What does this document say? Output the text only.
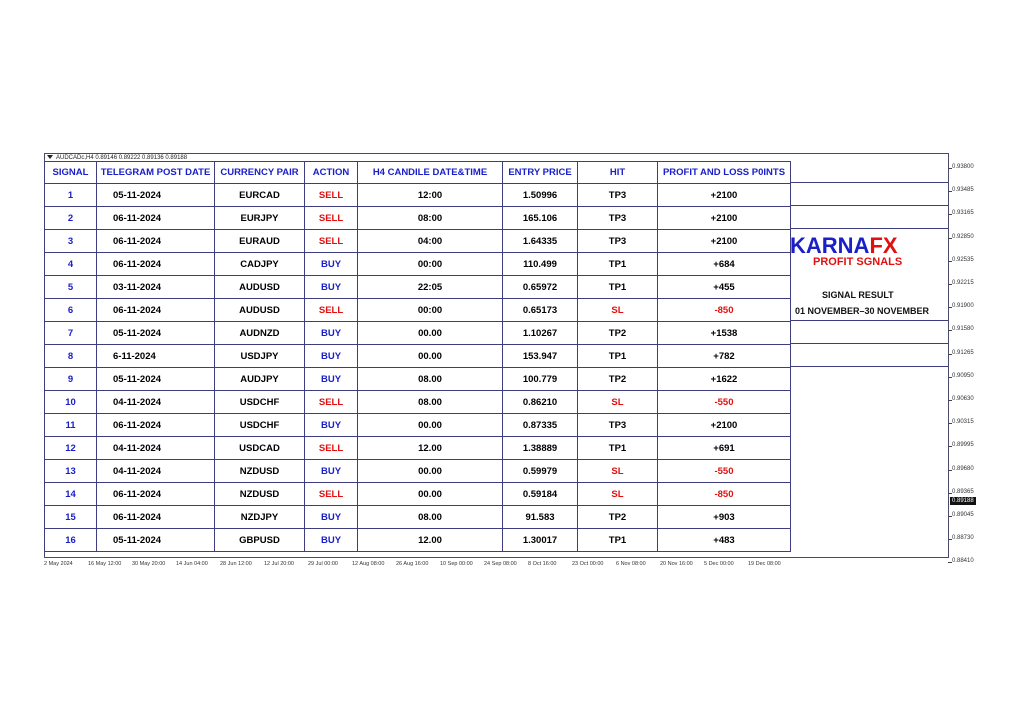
AUDCADc,H4 0.89146 0.89222 0.89136 0.89188
SIGNAL	TELEGRAM POST DATE	CURRENCY PAIR	ACTION	H4 CANDILE DATE&TIME	ENTRY PRICE	HIT	PROFIT AND LOSS P0INTS
1	05-11-2024	EURCAD	SELL	12:00	1.50996	TP3	+2100
2	06-11-2024	EURJPY	SELL	08:00	165.106	TP3	+2100
3	06-11-2024	EURAUD	SELL	04:00	1.64335	TP3	+2100
4	06-11-2024	CADJPY	BUY	00:00	110.499	TP1	+684
5	03-11-2024	AUDUSD	BUY	22:05	0.65972	TP1	+455
6	06-11-2024	AUDUSD	SELL	00:00	0.65173	SL	-850
7	05-11-2024	AUDNZD	BUY	00.00	1.10267	TP2	+1538
8	6-11-2024	USDJPY	BUY	00.00	153.947	TP1	+782
9	05-11-2024	AUDJPY	BUY	08.00	100.779	TP2	+1622
10	04-11-2024	USDCHF	SELL	08.00	0.86210	SL	-550
11	06-11-2024	USDCHF	BUY	00.00	0.87335	TP3	+2100
12	04-11-2024	USDCAD	SELL	12.00	1.38889	TP1	+691
13	04-11-2024	NZDUSD	BUY	00.00	0.59979	SL	-550
14	06-11-2024	NZDUSD	SELL	00.00	0.59184	SL	-850
15	06-11-2024	NZDJPY	BUY	08.00	91.583	TP2	+903
16	05-11-2024	GBPUSD	BUY	12.00	1.30017	TP1	+483
KARNAFX
PROFIT SGNALS
SIGNAL RESULT
01 NOVEMBER–30 NOVEMBER
0.93800
0.93485
0.93165
0.92850
0.92535
0.92215
0.91900
0.91580
0.91265
0.90950
0.90630
0.90315
0.89995
0.89680
0.89365
0.89045
0.88730
0.88410
0.89188
2 May 2024	16 May 12:00 30 May 20:00 14 Jun 04:00 28 Jun 12:00 12 Jul 20:00	29 Jul 00:00	12 Aug 08:00 26 Aug 16:00 10 Sep 00:00 24 Sep 08:00 8 Oct 16:00	23 Oct 00:00 6 Nov 08:00	20 Nov 16:00 5 Dec 00:00	19 Dec 08:00
